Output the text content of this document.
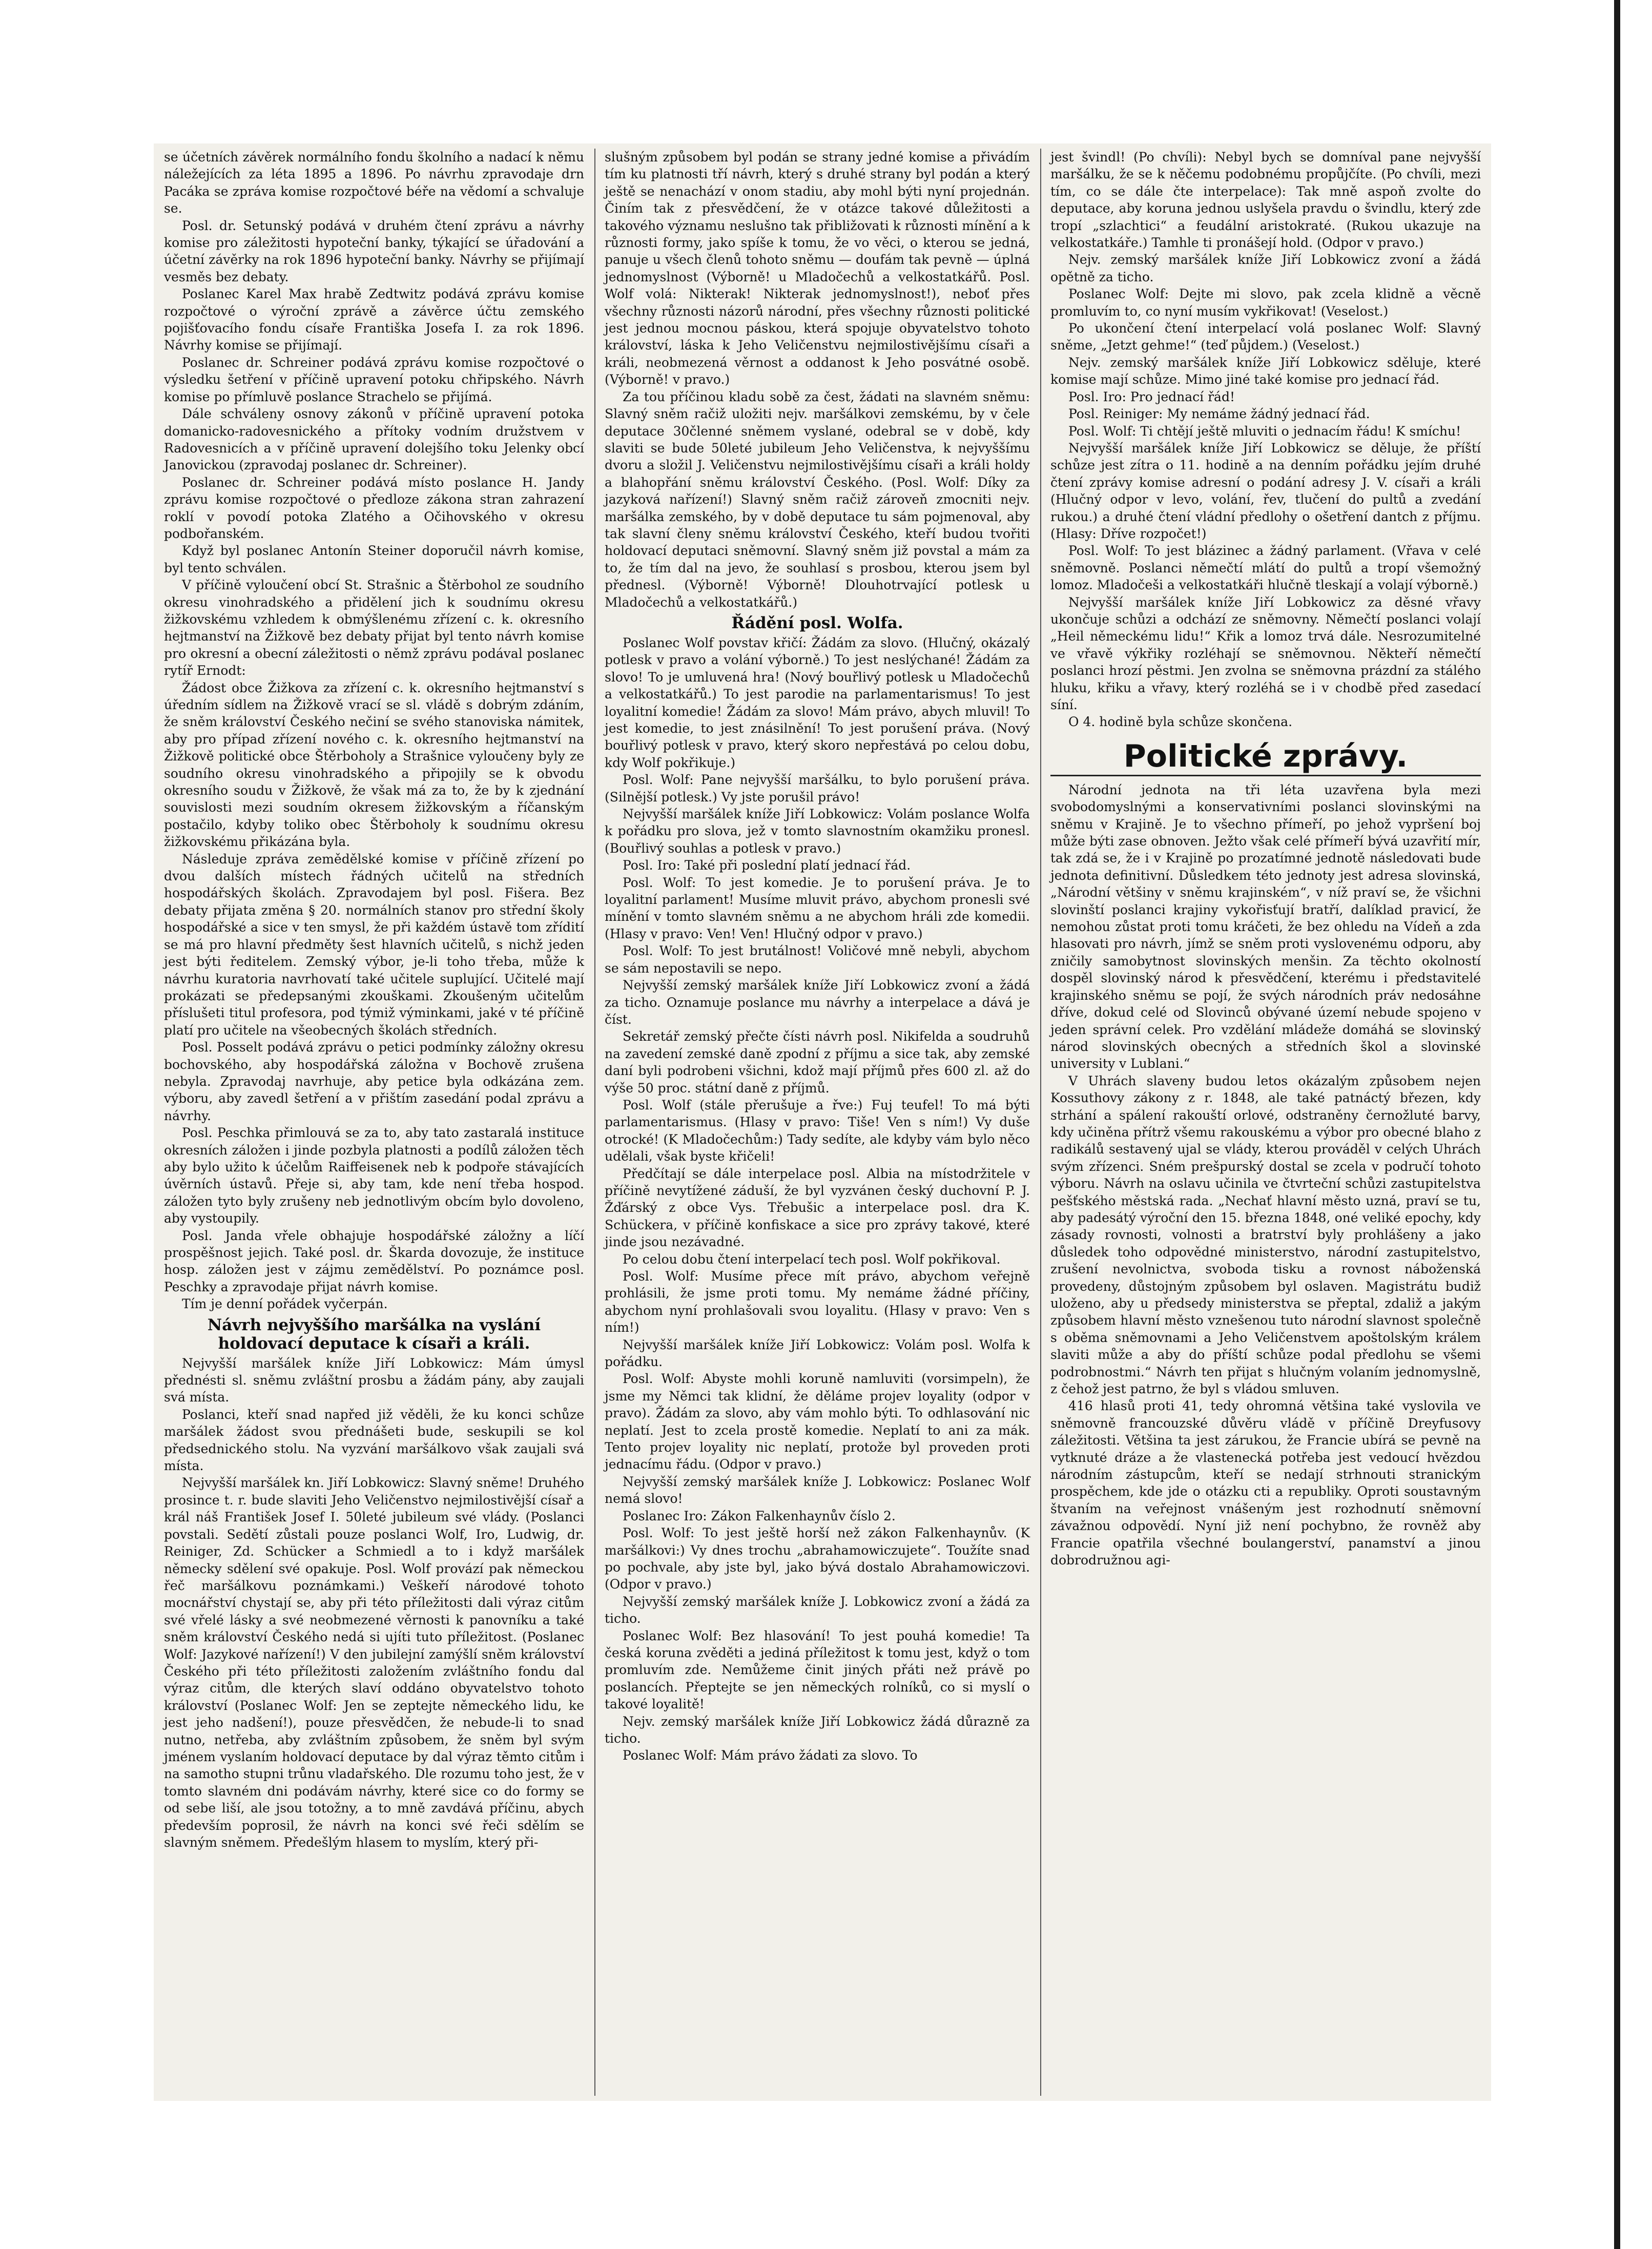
se účetních závěrek normálního fondu školního a nadací k němu náležejících za léta 1895 a 1896. Po návrhu zpravodaje drn Pacáka se zpráva komise rozpočtové béře na vědomí a schvaluje se.

Posl. dr. Setunský podává v druhém čtení zprávu a návrhy komise pro záležitosti hypoteční banky, týkající se úřadování a účetní závěrky na rok 1896 hypoteční banky. Návrhy se přijímají vesměs bez debaty.

Poslanec Karel Max hrabě Zedtwitz podává zprávu komise rozpočtové o výroční zprávě a závěrce účtu zemského pojišťovacího fondu císaře Františka Josefa I. za rok 1896. Návrhy komise se přijímají.

Poslanec dr. Schreiner podává zprávu komise rozpočtové o výsledku šetření v příčině upravení potoku chřipského. Návrh komise po přímluvě poslance Strachelo se přijímá.

Dále schváleny osnovy zákonů v příčině upravení potoka domanicko-radovesnického a přítoky vodním družstvem v Radovesnicích a v příčině upravení dolejšího toku Jelenky obcí Janovickou (zpravodaj poslanec dr. Schreiner).

Poslanec dr. Schreiner podává místo poslance H. Jandy zprávu komise rozpočtové o předloze zákona stran zahrazení roklí v povodí potoka Zlatého a Očihovského v okresu podbořanském.

Když byl poslanec Antonín Steiner doporučil návrh komise, byl tento schválen.

V příčině vyloučení obcí St. Strašnic a Štěrbohol ze soudního okresu vinohradského a přidělení jich k soudnímu okresu žižkovskému vzhledem k obmýšlenému zřízení c. k. okresního hejtmanství na Žižkově bez debaty přijat byl tento návrh komise pro okresní a obecní záležitosti o němž zprávu podával poslanec rytíř Ernodt:

Žádost obce Žižkova za zřízení c. k. okresního hejtmanství s úředním sídlem na Žižkově vrací se sl. vládě s dobrým zdáním, že sněm království Českého nečiní se svého stanoviska námitek, aby pro případ zřízení nového c. k. okresního hejtmanství na Žižkově politické obce Štěrboholy a Strašnice vyloučeny byly ze soudního okresu vinohradského a připojily se k obvodu okresního soudu v Žižkově, že však má za to, že by k zjednání souvislosti mezi soudním okresem žižkovským a říčanským postačilo, kdyby toliko obec Štěrboholy k soudnímu okresu žižkovskému přikázána byla.

Následuje zpráva zemědělské komise v příčině zřízení po dvou dalších místech řádných učitelů na středních hospodářských školách. Zpravodajem byl posl. Fišera. Bez debaty přijata změna § 20. normálních stanov pro střední školy hospodářské a sice v ten smysl, že při každém ústavě tom zřídití se má pro hlavní předměty šest hlavních učitelů, s nichž jeden jest býti ředitelem. Zemský výbor, je-li toho třeba, může k návrhu kuratoria navrhovatí také učitele suplující. Učitelé mají prokázati se předepsanými zkouškami. Zkoušeným učitelům příslušeti titul profesora, pod týmiž výminkami, jaké v té příčině platí pro učitele na všeobecných školách středních.

Posl. Posselt podává zprávu o petici podmínky záložny okresu bochovského, aby hospodářská záložna v Bochově zrušena nebyla. Zpravodaj navrhuje, aby petice byla odkázána zem. výboru, aby zavedl šetření a v přištím zasedání podal zprávu a návrhy.

Posl. Peschka přimlouvá se za to, aby tato zastaralá instituce okresních záložen i jinde pozbyla platnosti a podílů záložen těch aby bylo užito k účelům Raiffeisenek neb k podpoře stávajících úvěrních ústavů. Přeje si, aby tam, kde není třeba hospod. záložen tyto byly zrušeny neb jednotlivým obcím bylo dovoleno, aby vystoupily.

Posl. Janda vřele obhajuje hospodářské záložny a líčí prospěšnost jejich. Také posl. dr. Škarda dovozuje, že instituce hosp. záložen jest v zájmu zemědělství. Po poznámce posl. Peschky a zpravodaje přijat návrh komise.

Tím je denní pořádek vyčerpán.

Návrh nejvyššího maršálka na vyslání holdovací deputace k císaři a králi.

Nejvyšší maršálek kníže Jiří Lobkowicz: Mám úmysl přednésti sl. sněmu zvláštní prosbu a žádám pány, aby zaujali svá místa.

Poslanci, kteří snad napřed již věděli, že ku konci schůze maršálek žádost svou přednášeti bude, seskupili se kol předsednického stolu. Na vyzvání maršálkovo však zaujali svá místa.

Nejvyšší maršálek kn. Jiří Lobkowicz: Slavný sněme! Druhého prosince t. r. bude slaviti Jeho Veličenstvo nejmilostivější císař a král náš František Josef I. 50leté jubileum své vlády. (Poslanci povstali. Sedětí zůstali pouze poslanci Wolf, Iro, Ludwig, dr. Reiniger, Zd. Schücker a Schmiedl a to i když maršálek německy sdělení své opakuje. Posl. Wolf provází pak německou řeč maršálkovu poznámkami.) Veškeří národové tohoto mocnářství chystají se, aby při této příležitosti dali výraz citům své vřelé lásky a své neobmezené věrnosti k panovníku a také sněm království Českého nedá si ujíti tuto příležitost. (Poslanec Wolf: Jazykové nařízení!) V den jubilejní zamýšlí sněm království Českého při této příležitosti založením zvláštního fondu dal výraz citům, dle kterých slaví oddáno obyvatelstvo tohoto království (Poslanec Wolf: Jen se zeptejte německého lidu, ke jest jeho nadšení!), pouze přesvědčen, že nebude-li to snad nutno, netřeba, aby zvláštním způsobem, že sněm byl svým jménem vyslaním holdovací deputace by dal výraz těmto citům i na samotho stupni trůnu vladařského. Dle rozumu toho jest, že v tomto slavném dni podávám návrhy, které sice co do formy se od sebe liší, ale jsou totožny, a to mně zavdává příčinu, abych především poprosil, že návrh na konci své řeči sdělím se slavným sněmem. Předešlým hlasem to myslím, který při-

slušným způsobem byl podán se strany jedné komise a přivádím tím ku platnosti tří návrh, který s druhé strany byl podán a který ještě se nenachází v onom stadiu, aby mohl býti nyní projednán. Činím tak z přesvědčení, že v otázce takové důležitosti a takového významu neslušno tak přibližovati k různosti mínění a k různosti formy, jako spíše k tomu, že vo věci, o kterou se jedná, panuje u všech členů tohoto sněmu — doufám tak pevně — úplná jednomyslnost (Výborně! u Mladočechů a velkostatkářů. Posl. Wolf volá: Nikterak! Nikterak jednomyslnost!), neboť přes všechny různosti názorů národní, přes všechny různosti politické jest jednou mocnou páskou, která spojuje obyvatelstvo tohoto království, láska k Jeho Veličenstvu nejmilostivějšímu císaři a králi, neobmezená věrnost a oddanost k Jeho posvátné osobě. (Výborně! v pravo.)

Za tou příčinou kladu sobě za čest, žádati na slavném sněmu: Slavný sněm račiž uložiti nejv. maršálkovi zemskému, by v čele deputace 30členné sněmem vyslané, odebral se v době, kdy slaviti se bude 50leté jubileum Jeho Veličenstva, k nejvyššímu dvoru a složil J. Veličenstvu nejmilostivějšímu císaři a králi holdy a blahopřání sněmu království Českého. (Posl. Wolf: Díky za jazyková nařízení!) Slavný sněm račiž zároveň zmocniti nejv. maršálka zemského, by v době deputace tu sám pojmenoval, aby tak slavní členy sněmu království Českého, kteří budou tvořiti holdovací deputaci sněmovní. Slavný sněm již povstal a mám za to, že tím dal na jevo, že souhlasí s prosbou, kterou jsem byl přednesl. (Výborně! Výborně! Dlouhotrvající potlesk u Mladočechů a velkostatkářů.)

Řádění posl. Wolfa.

Poslanec Wolf povstav křičí: Žádám za slovo. (Hlučný, okázalý potlesk v pravo a volání výborně.) To jest neslýchané! Žádám za slovo! To je umluvená hra! (Nový bouřlivý potlesk u Mladočechů a velkostatkářů.) To jest parodie na parlamentarismus! To jest loyalitní komedie! Žádám za slovo! Mám právo, abych mluvil! To jest komedie, to jest znásilnění! To jest porušení práva. (Nový bouřlivý potlesk v pravo, který skoro nepřestává po celou dobu, kdy Wolf pokřikuje.)

Posl. Wolf: Pane nejvyšší maršálku, to bylo porušení práva. (Silnější potlesk.) Vy jste porušil právo!

Nejvyšší maršálek kníže Jiří Lobkowicz: Volám poslance Wolfa k pořádku pro slova, jež v tomto slavnostním okamžiku pronesl. (Bouřlivý souhlas a potlesk v pravo.)

Posl. Iro: Také při poslední platí jednací řád.

Posl. Wolf: To jest komedie. Je to porušení práva. Je to loyalitní parlament! Musíme mluvit právo, abychom pronesli své mínění v tomto slavném sněmu a ne abychom hráli zde komedii. (Hlasy v pravo: Ven! Ven! Hlučný odpor v pravo.)

Posl. Wolf: To jest brutálnost! Voličové mně nebyli, abychom se sám nepostavili se nepo.

Nejvyšší zemský maršálek kníže Jiří Lobkowicz zvoní a žádá za ticho. Oznamuje poslance mu návrhy a interpelace a dává je číst.

Sekretář zemský přečte čísti návrh posl. Nikifelda a soudruhů na zavedení zemské daně zpodní z příjmu a sice tak, aby zemské daní byli podrobeni všichni, kdož mají příjmů přes 600 zl. až do výše 50 proc. státní daně z příjmů.

Posl. Wolf (stále přerušuje a řve:) Fuj teufel! To má býti parlamentarismus. (Hlasy v pravo: Tiše! Ven s ním!) Vy duše otrocké! (K Mladočechům:) Tady sedíte, ale kdyby vám bylo něco udělali, však byste křičeli!

Předčítají se dále interpelace posl. Albia na místodržitele v příčině nevytížené záduší, že byl vyzvánen český duchovní P. J. Žďárský z obce Vys. Třebušic a interpelace posl. dra K. Schückera, v příčině konfiskace a sice pro zprávy takové, které jinde jsou nezávadné.

Po celou dobu čtení interpelací tech posl. Wolf pokřikoval.

Posl. Wolf: Musíme přece mít právo, abychom veřejně prohlásili, že jsme proti tomu. My nemáme žádné příčiny, abychom nyní prohlašovali svou loyalitu. (Hlasy v pravo: Ven s ním!)

Nejvyšší maršálek kníže Jiří Lobkowicz: Volám posl. Wolfa k pořádku.

Posl. Wolf: Abyste mohli koruně namluviti (vorsimpeln), že jsme my Němci tak klidní, že děláme projev loyality (odpor v pravo). Žádám za slovo, aby vám mohlo býti. To odhlasování nic neplatí. Jest to zcela prostě komedie. Neplatí to ani za mák. Tento projev loyality nic neplatí, protože byl proveden proti jednacímu řádu. (Odpor v pravo.)

Nejvyšší zemský maršálek kníže J. Lobkowicz: Poslanec Wolf nemá slovo!

Poslanec Iro: Zákon Falkenhaynův číslo 2.

Posl. Wolf: To jest ještě horší než zákon Falkenhaynův. (K maršálkovi:) Vy dnes trochu „abrahamowiczujete“. Toužíte snad po pochvale, aby jste byl, jako bývá dostalo Abrahamowiczovi. (Odpor v pravo.)

Nejvyšší zemský maršálek kníže J. Lobkowicz zvoní a žádá za ticho.

Poslanec Wolf: Bez hlasování! To jest pouhá komedie! Ta česká koruna zvěděti a jediná příležitost k tomu jest, když o tom promluvím zde. Nemůžeme činit jiných přáti než právě po poslancích. Přeptejte se jen německých rolníků, co si myslí o takové loyalitě!

Nejv. zemský maršálek kníže Jiří Lobkowicz žádá důrazně za ticho.

Poslanec Wolf: Mám právo žádati za slovo. To

jest švindl! (Po chvíli): Nebyl bych se domníval pane nejvyšší maršálku, že se k něčemu podobnému propůjčíte. (Po chvíli, mezi tím, co se dále čte interpelace): Tak mně aspoň zvolte do deputace, aby koruna jednou uslyšela pravdu o švindlu, který zde tropí „szlachtici“ a feudální aristokraté. (Rukou ukazuje na velkostatkáře.) Tamhle ti pronášejí hold. (Odpor v pravo.)

Nejv. zemský maršálek kníže Jiří Lobkowicz zvoní a žádá opětně za ticho.

Poslanec Wolf: Dejte mi slovo, pak zcela klidně a věcně promluvím to, co nyní musím vykřikovat! (Veselost.)

Po ukončení čtení interpelací volá poslanec Wolf: Slavný sněme, „Jetzt gehme!“ (teď půjdem.) (Veselost.)

Nejv. zemský maršálek kníže Jiří Lobkowicz sděluje, které komise mají schůze. Mimo jiné také komise pro jednací řád.

Posl. Iro: Pro jednací řád!

Posl. Reiniger: My nemáme žádný jednací řád.

Posl. Wolf: Ti chtějí ještě mluviti o jednacím řádu! K smíchu!

Nejvyšší maršálek kníže Jiří Lobkowicz se děluje, že příští schůze jest zítra o 11. hodině a na denním pořádku jejím druhé čtení zprávy komise adresní o podání adresy J. V. císaři a králi (Hlučný odpor v levo, volání, řev, tlučení do pultů a zvedání rukou.) a druhé čtení vládní předlohy o ošetření dantch z příjmu. (Hlasy: Dříve rozpočet!)

Posl. Wolf: To jest blázinec a žádný parlament. (Vřava v celé sněmovně. Poslanci němečtí mlátí do pultů a tropí všemožný lomoz. Mladočeši a velkostatkáři hlučně tleskají a volají výborně.)

Nejvyšší maršálek kníže Jiří Lobkowicz za děsné vřavy ukončuje schůzi a odchází ze sněmovny. Němečtí poslanci volají „Heil německému lidu!“ Křik a lomoz trvá dále. Nesrozumitelné ve vřavě výkřiky rozléhají se sněmovnou. Někteří němečtí poslanci hrozí pěstmi. Jen zvolna se sněmovna prázdní za stálého hluku, křiku a vřavy, který rozléhá se i v chodbě před zasedací síní.

O 4. hodině byla schůze skončena.

Politické zprávy.

Národní jednota na tři léta uzavřena byla mezi svobodomyslnými a konservativními poslanci slovinskými na sněmu v Krajině. Je to všechno přímeří, po jehož vypršení boj může býti zase obnoven. Ježto však celé přímeří bývá uzavřití mír, tak zdá se, že i v Krajině po prozatímné jednotě následovati bude jednota definitivní. Důsledkem této jednoty jest adresa slovinská, „Národní většiny v sněmu krajinském“, v níž praví se, že všichni slovinští poslanci krajiny vykořisťují bratří, dalíklad pravicí, že nemohou zůstat proti tomu kráčeti, že bez ohledu na Vídeň a zda hlasovati pro návrh, jímž se sněm proti vyslovenému odporu, aby zničily samobytnost slovinských menšin. Za těchto okolností dospěl slovinský národ k přesvědčení, kterému i představitelé krajinského sněmu se pojí, že svých národních práv nedosáhne dříve, dokud celé od Slovinců obývané území nebude spojeno v jeden správní celek. Pro vzdělání mládeže domáhá se slovinský národ slovinských obecných a středních škol a slovinské university v Lublani.“

V Uhrách slaveny budou letos okázalým způsobem nejen Kossuthovy zákony z r. 1848, ale také patnáctý březen, kdy strhání a spálení rakouští orlové, odstraněny černožluté barvy, kdy učiněna přítrž všemu rakouskému a výbor pro obecné blaho z radikálů sestavený ujal se vlády, kterou prováděl v celých Uhrách svým zřízenci. Sném prešpurský dostal se zcela v područí tohoto výboru. Návrh na oslavu učinila ve čtvrteční schůzi zastupitelstva pešťského městská rada. „Nechať hlavní město uzná, praví se tu, aby padesátý výroční den 15. března 1848, oné veliké epochy, kdy zásady rovnosti, volnosti a bratrství byly prohlášeny a jako důsledek toho odpovědné ministerstvo, národní zastupitelstvo, zrušení nevolnictva, svoboda tisku a rovnost náboženská provedeny, důstojným způsobem byl oslaven. Magistrátu budiž uloženo, aby u předsedy ministerstva se přeptal, zdaliž a jakým způsobem hlavní město vznešenou tuto národní slavnost společně s oběma sněmovnami a Jeho Veličenstvem apoštolským králem slaviti může a aby do příští schůze podal předlohu se všemi podrobnostmi.“ Návrh ten přijat s hlučným volaním jednomyslně, z čehož jest patrno, že byl s vládou smluven.

416 hlasů proti 41, tedy ohromná většina také vyslovila ve sněmovně francouzské důvěru vládě v příčině Dreyfusovy záležitosti. Většina ta jest zárukou, že Francie ubírá se pevně na vytknuté dráze a že vlastenecká potřeba jest vedoucí hvězdou národním zástupcům, kteří se nedají strhnouti stranickým prospěchem, kde jde o otázku cti a republiky. Oproti soustavným štvaním na veřejnost vnášeným jest rozhodnutí sněmovní závažnou odpovědí. Nyní již není pochybno, že rovněž aby Francie opatřila všechné boulangerství, panamství a jinou dobrodružnou agi-
